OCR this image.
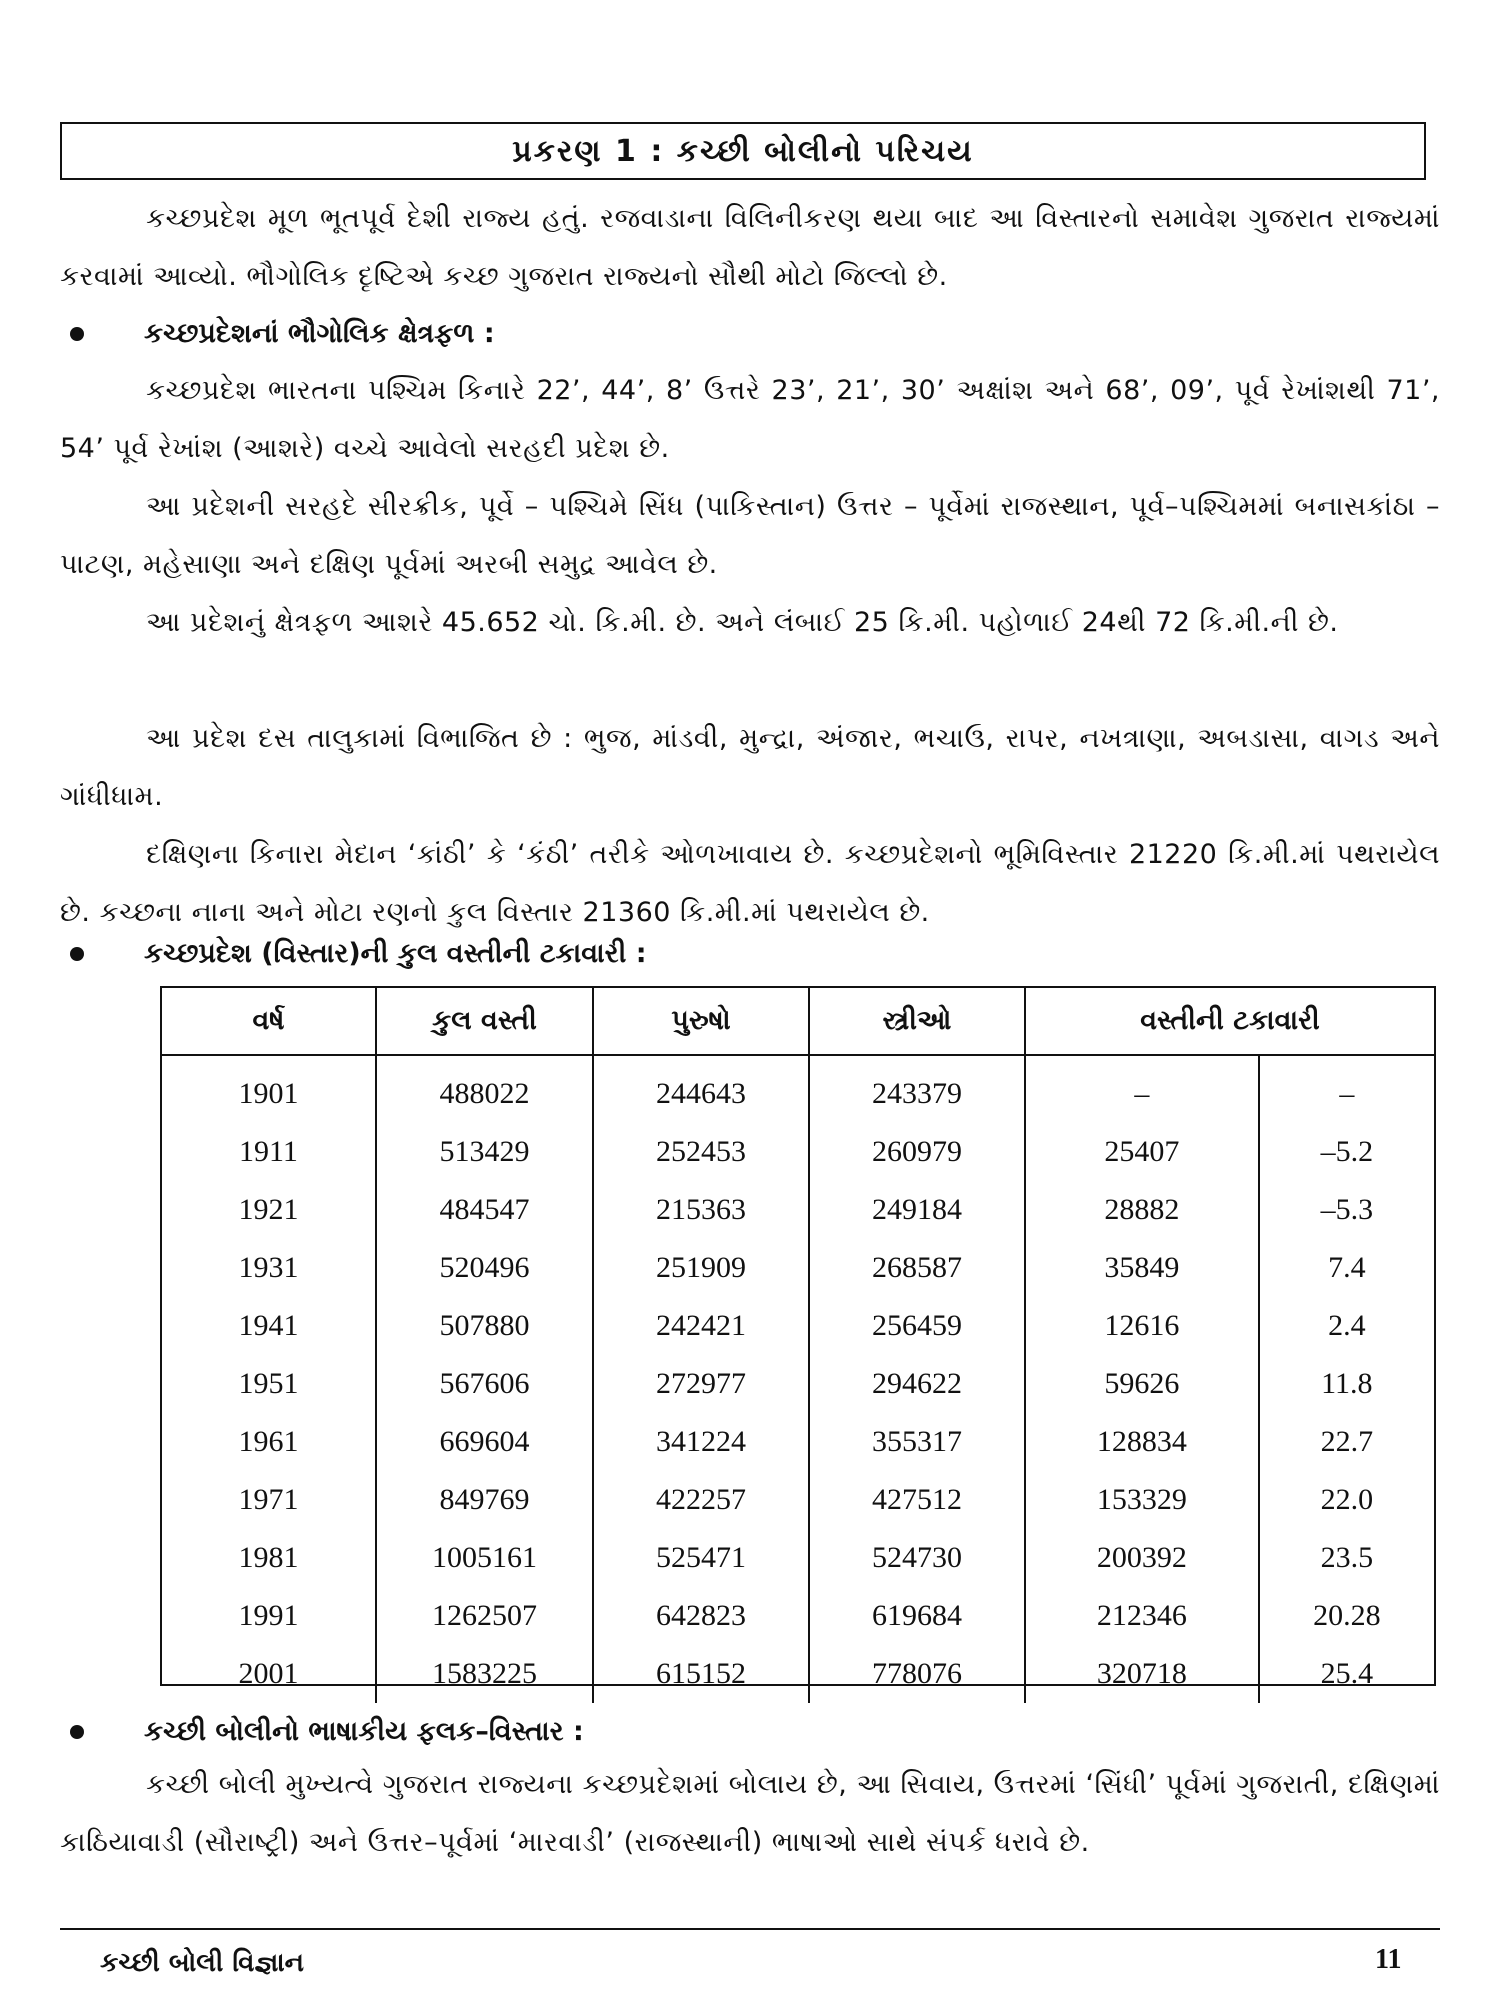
પ્રકરણ 1 : કચ્છી બોલીનો પરિચય

કચ્છપ્રદેશ મૂળ ભૂતપૂર્વ દેશી રાજ્ય હતું. રજવાડાના વિલિનીકરણ થયા બાદ આ વિસ્તારનો સમાવેશ ગુજરાત રાજ્યમાં કરવામાં આવ્યો. ભૌગોલિક દૃષ્ટિએ કચ્છ ગુજરાત રાજ્યનો સૌથી મોટો જિલ્લો છે.

કચ્છપ્રદેશનાં ભૌગોલિક ક્ષેત્રફળ :

કચ્છપ્રદેશ ભારતના પશ્ચિમ કિનારે 22’, 44’, 8’ ઉત્તરે 23’, 21’, 30’ અક્ષાંશ અને 68’, 09’, પૂર્વ રેખાંશથી 71’, 54’ પૂર્વ રેખાંશ (આશરે) વચ્ચે આવેલો સરહદી પ્રદેશ છે.

આ પ્રદેશની સરહદે સીરક્રીક, પૂર્વે – પશ્ચિમે સિંધ (પાકિસ્તાન) ઉત્તર – પૂર્વેમાં રાજસ્થાન, પૂર્વ–પશ્ચિમમાં બનાસકાંઠા – પાટણ, મહેસાણા અને દક્ષિણ પૂર્વમાં અરબી સમુદ્ર આવેલ છે.

આ પ્રદેશનું ક્ષેત્રફળ આશરે 45.652 ચો. કિ.મી. છે. અને લંબાઈ 25 કિ.મી. પહોળાઈ 24થી 72 કિ.મી.ની છે.

આ પ્રદેશ દસ તાલુકામાં વિભાજિત છે : ભુજ, માંડવી, મુન્દ્રા, અંજાર, ભચાઉ, રાપર, નખત્રાણા, અબડાસા, વાગડ અને ગાંધીધામ.

દક્ષિણના કિનારા મેદાન ‘કાંઠી’ કે ‘કંઠી’ તરીકે ઓળખાવાય છે. કચ્છપ્રદેશનો ભૂમિવિસ્તાર 21220 કિ.મી.માં પથરાયેલ છે. કચ્છના નાના અને મોટા રણનો કુલ વિસ્તાર 21360 કિ.મી.માં પથરાયેલ છે.

કચ્છપ્રદેશ (વિસ્તાર)ની કુલ વસ્તીની ટકાવારી :
વર્ષ	કુલ વસ્તી	પુરુષો	સ્ત્રીઓ	વસ્તીની ટકાવારી	
1901	488022	244643	243379	–	–
1911	513429	252453	260979	25407	–5.2
1921	484547	215363	249184	28882	–5.3
1931	520496	251909	268587	35849	7.4
1941	507880	242421	256459	12616	2.4
1951	567606	272977	294622	59626	11.8
1961	669604	341224	355317	128834	22.7
1971	849769	422257	427512	153329	22.0
1981	1005161	525471	524730	200392	23.5
1991	1262507	642823	619684	212346	20.28
2001	1583225	615152	778076	320718	25.4
કચ્છી બોલીનો ભાષાકીય ફલક–વિસ્તાર :

કચ્છી બોલી મુખ્યત્વે ગુજરાત રાજ્યના કચ્છપ્રદેશમાં બોલાય છે, આ સિવાય, ઉત્તરમાં ‘સિંધી’ પૂર્વમાં ગુજરાતી, દક્ષિણમાં કાઠિયાવાડી (સૌરાષ્ટ્રી) અને ઉત્તર–પૂર્વમાં ‘મારવાડી’ (રાજસ્થાની) ભાષાઓ સાથે સંપર્ક ધરાવે છે.

કચ્છી બોલી વિજ્ઞાન	11
